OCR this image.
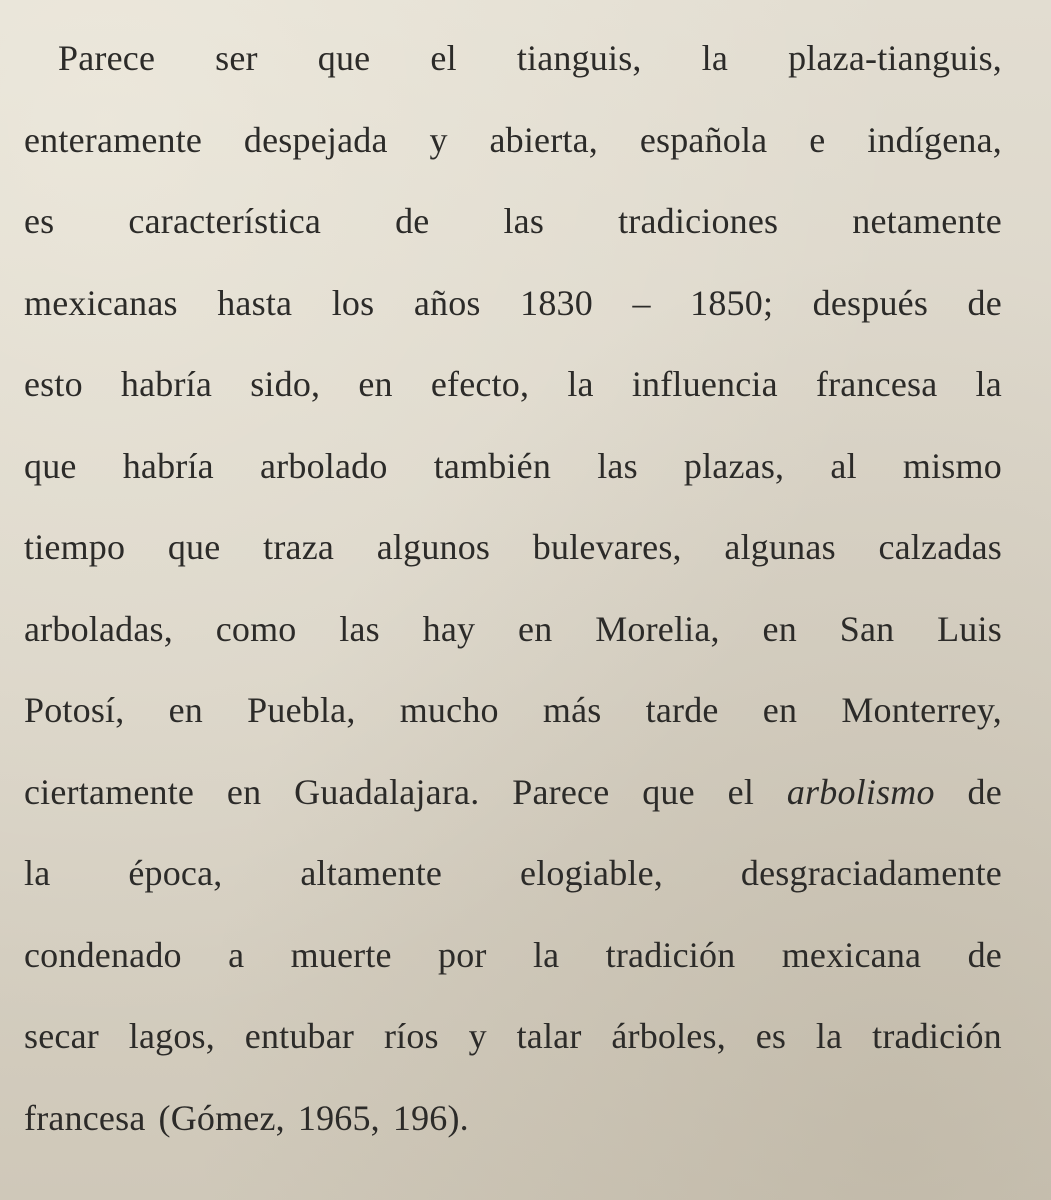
Parece ser que el tianguis, la plaza-tianguis,
enteramente despejada y abierta, española e indígena,
es característica de las tradiciones netamente
mexicanas hasta los años 1830 – 1850; después de
esto habría sido, en efecto, la influencia francesa la
que habría arbolado también las plazas, al mismo
tiempo que traza algunos bulevares, algunas calzadas
arboladas, como las hay en Morelia, en San Luis
Potosí, en Puebla, mucho más tarde en Monterrey,
ciertamente en Guadalajara. Parece que el arbolismo de
la época, altamente elogiable, desgraciadamente
condenado a muerte por la tradición mexicana de
secar lagos, entubar ríos y talar árboles, es la tradición
francesa (Gómez, 1965, 196).
